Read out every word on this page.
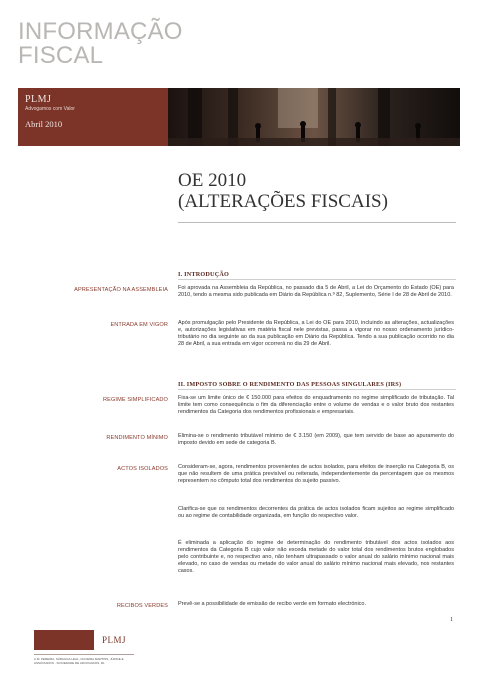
INFORMAÇÃO
FISCAL
PLMJ
Advogamos com Valor
Abril 2010
OE 2010
(ALTERAÇÕES FISCAIS)
I. INTRODUÇÃO
APRESENTAÇÃO NA ASSEMBLEIA Foi aprovada na Assembleia da República, no passado dia 5 de Abril, a Lei do Orçamento do Estado (OE) para 2010, tendo a mesma sido publicada em Diário da República n.º 82, Suplemento, Série I de 28 de Abril de 2010.
ENTRADA EM VIGOR Após promulgação pelo Presidente da República, a Lei do OE para 2010, incluindo as alterações, actualizações e, autorizações legislativas em matéria fiscal nele previstas, passa a vigorar no nosso ordenamento jurídico-tributário no dia seguinte ao da sua publicação em Diário da República. Tendo a sua publicação ocorrido no dia 28 de Abril, a sua entrada em vigor ocorrerá no dia 29 de Abril.
II. IMPOSTO SOBRE O RENDIMENTO DAS PESSOAS SINGULARES (IRS)
REGIME SIMPLIFICADO Fixa-se um limite único de € 150.000 para efeitos do enquadramento no regime simplificado de tributação. Tal limite tem como consequência o fim da diferenciação entre o volume de vendas e o valor bruto dos restantes rendimentos da Categoria dos rendimentos profissionais e empresariais.
RENDIMENTO MÍNIMO Elimina-se o rendimento tributável mínimo de € 3.150 (em 2009), que tem servido de base ao apuramento do imposto devido em sede de categoria B.
ACTOS ISOLADOS Consideram-se, agora, rendimentos provenientes de actos isolados, para efeitos de inserção na Categoria B, os que não resultem de uma prática previsível ou reiterada, independentemente da percentagem que os mesmos representem no cômputo total dos rendimentos do sujeito passivo.
Clarifica-se que os rendimentos decorrentes da prática de actos isolados ficam sujeitos ao regime simplificado ou ao regime de contabilidade organizada, em função do respectivo valor.
É eliminada a aplicação do regime de determinação do rendimento tributável dos actos isolados aos rendimentos da Categoria B cujo valor não exceda metade do valor total dos rendimentos brutos englobados pelo contribuinte e, no respectivo ano, não tenham ultrapassado o valor anual do salário mínimo nacional mais elevado, no caso de vendas ou metade do valor anual do salário mínimo nacional mais elevado, nos restantes casos.
RECIBOS VERDES Prevê-se a possibilidade de emissão de recibo verde em formato electrónico.
1
PLMJ
A.M. PEREIRA, SÁRAGGA LEAL, OLIVEIRA MARTINS, JÚDICE E ASSOCIADOS · SOCIEDADE DE ADVOGADOS, RL
